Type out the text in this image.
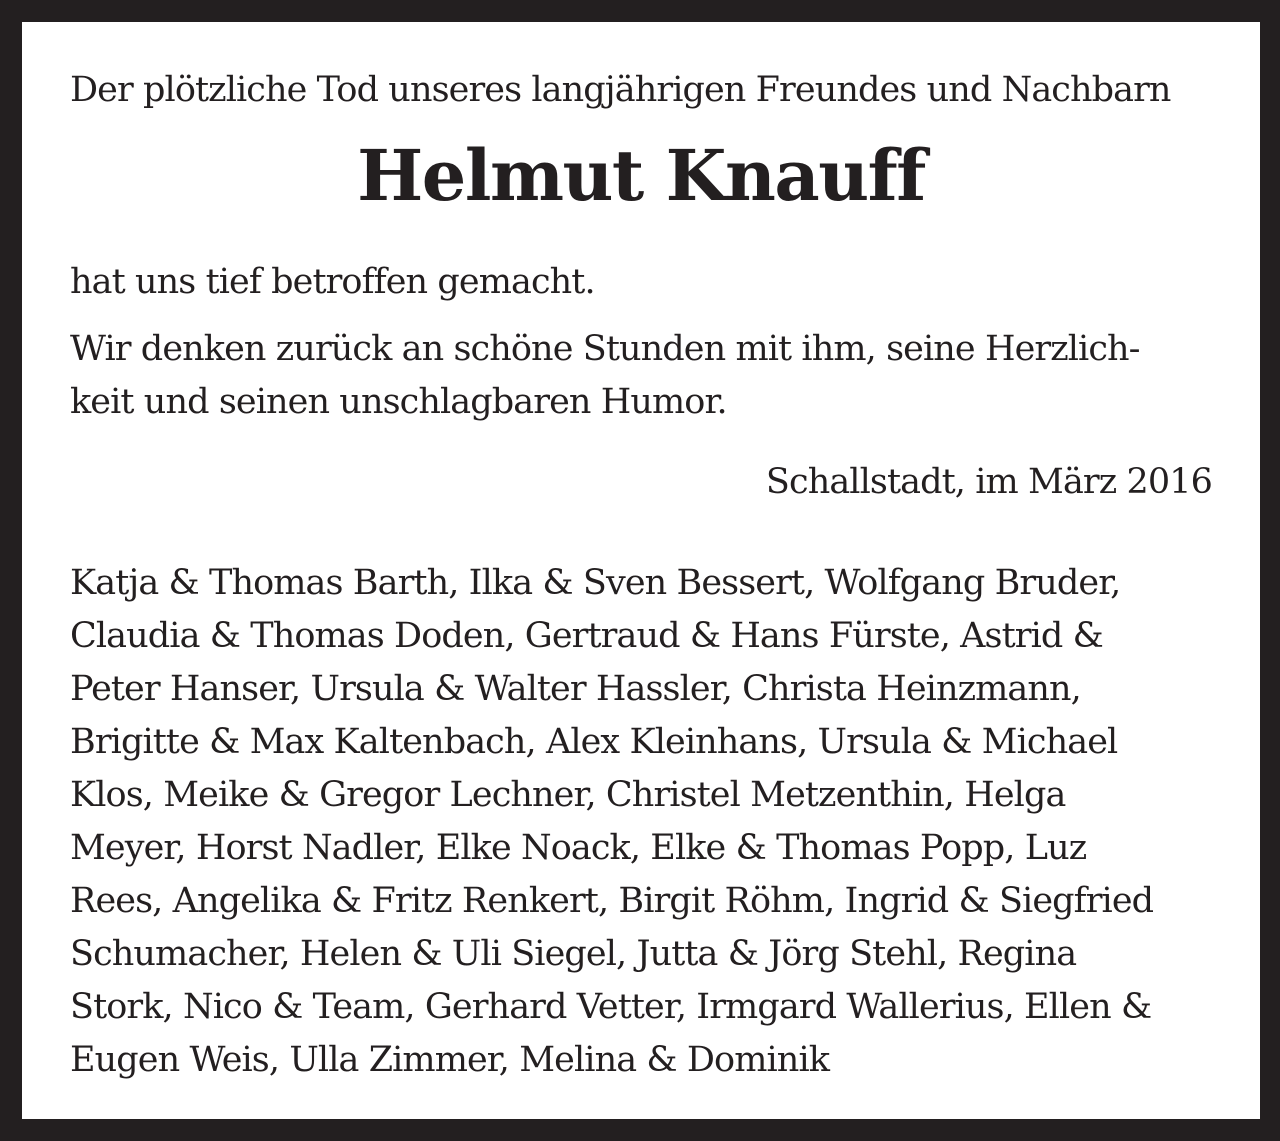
Der plötzliche Tod unseres langjährigen Freundes und Nachbarn

Helmut Knauff

hat uns tief betroffen gemacht.

Wir denken zurück an schöne Stunden mit ihm, seine Herzlich-

keit und seinen unschlagbaren Humor.

Schallstadt, im März 2016

Katja & Thomas Barth, Ilka & Sven Bessert, Wolfgang Bruder,
Claudia & Thomas Doden, Gertraud & Hans Fürste, Astrid &
Peter Hanser, Ursula & Walter Hassler, Christa Heinzmann,
Brigitte & Max Kaltenbach, Alex Kleinhans, Ursula & Michael
Klos, Meike & Gregor Lechner, Christel Metzenthin, Helga
Meyer, Horst Nadler, Elke Noack, Elke & Thomas Popp, Luz
Rees, Angelika & Fritz Renkert, Birgit Röhm, Ingrid & Siegfried
Schumacher, Helen & Uli Siegel, Jutta & Jörg Stehl, Regina
Stork, Nico & Team, Gerhard Vetter, Irmgard Wallerius, Ellen &
Eugen Weis, Ulla Zimmer, Melina & Dominik
